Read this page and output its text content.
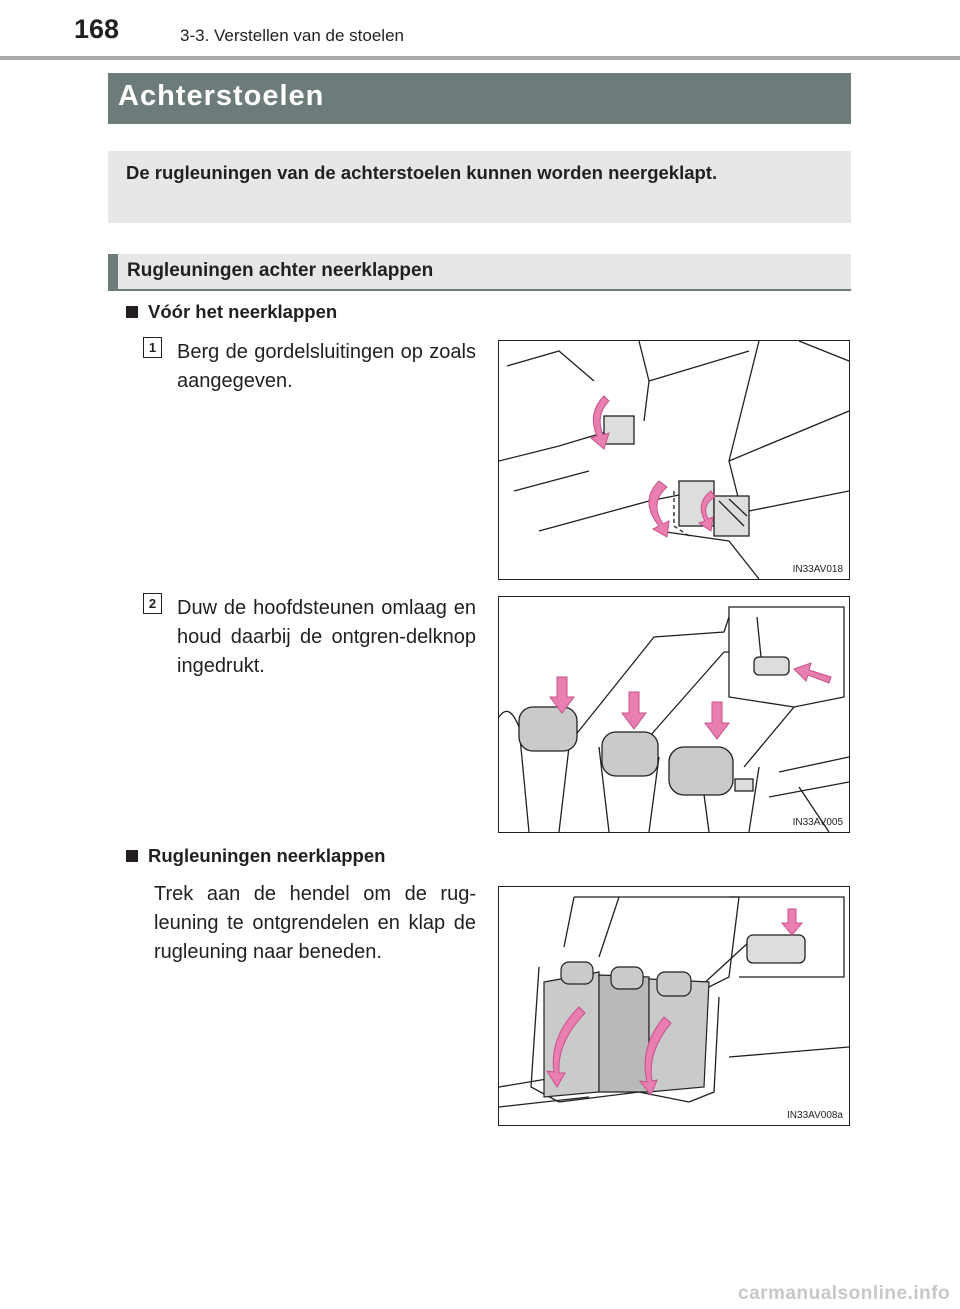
168	3-3. Verstellen van de stoelen
Achterstoelen
De rugleuningen van de achterstoelen kunnen worden neergeklapt.
Rugleuningen achter neerklappen
Vóór het neerklappen
1 Berg de gordelsluitingen op zoals aangegeven.
IN33AV018
2 Duw de hoofdsteunen omlaag en houd daarbij de ontgren-delknop ingedrukt.
IN33AV005
Rugleuningen neerklappen
Trek aan de hendel om de rug-leuning te ontgrendelen en klap de rugleuning naar beneden.
IN33AV008a
carmanualsonline.info
